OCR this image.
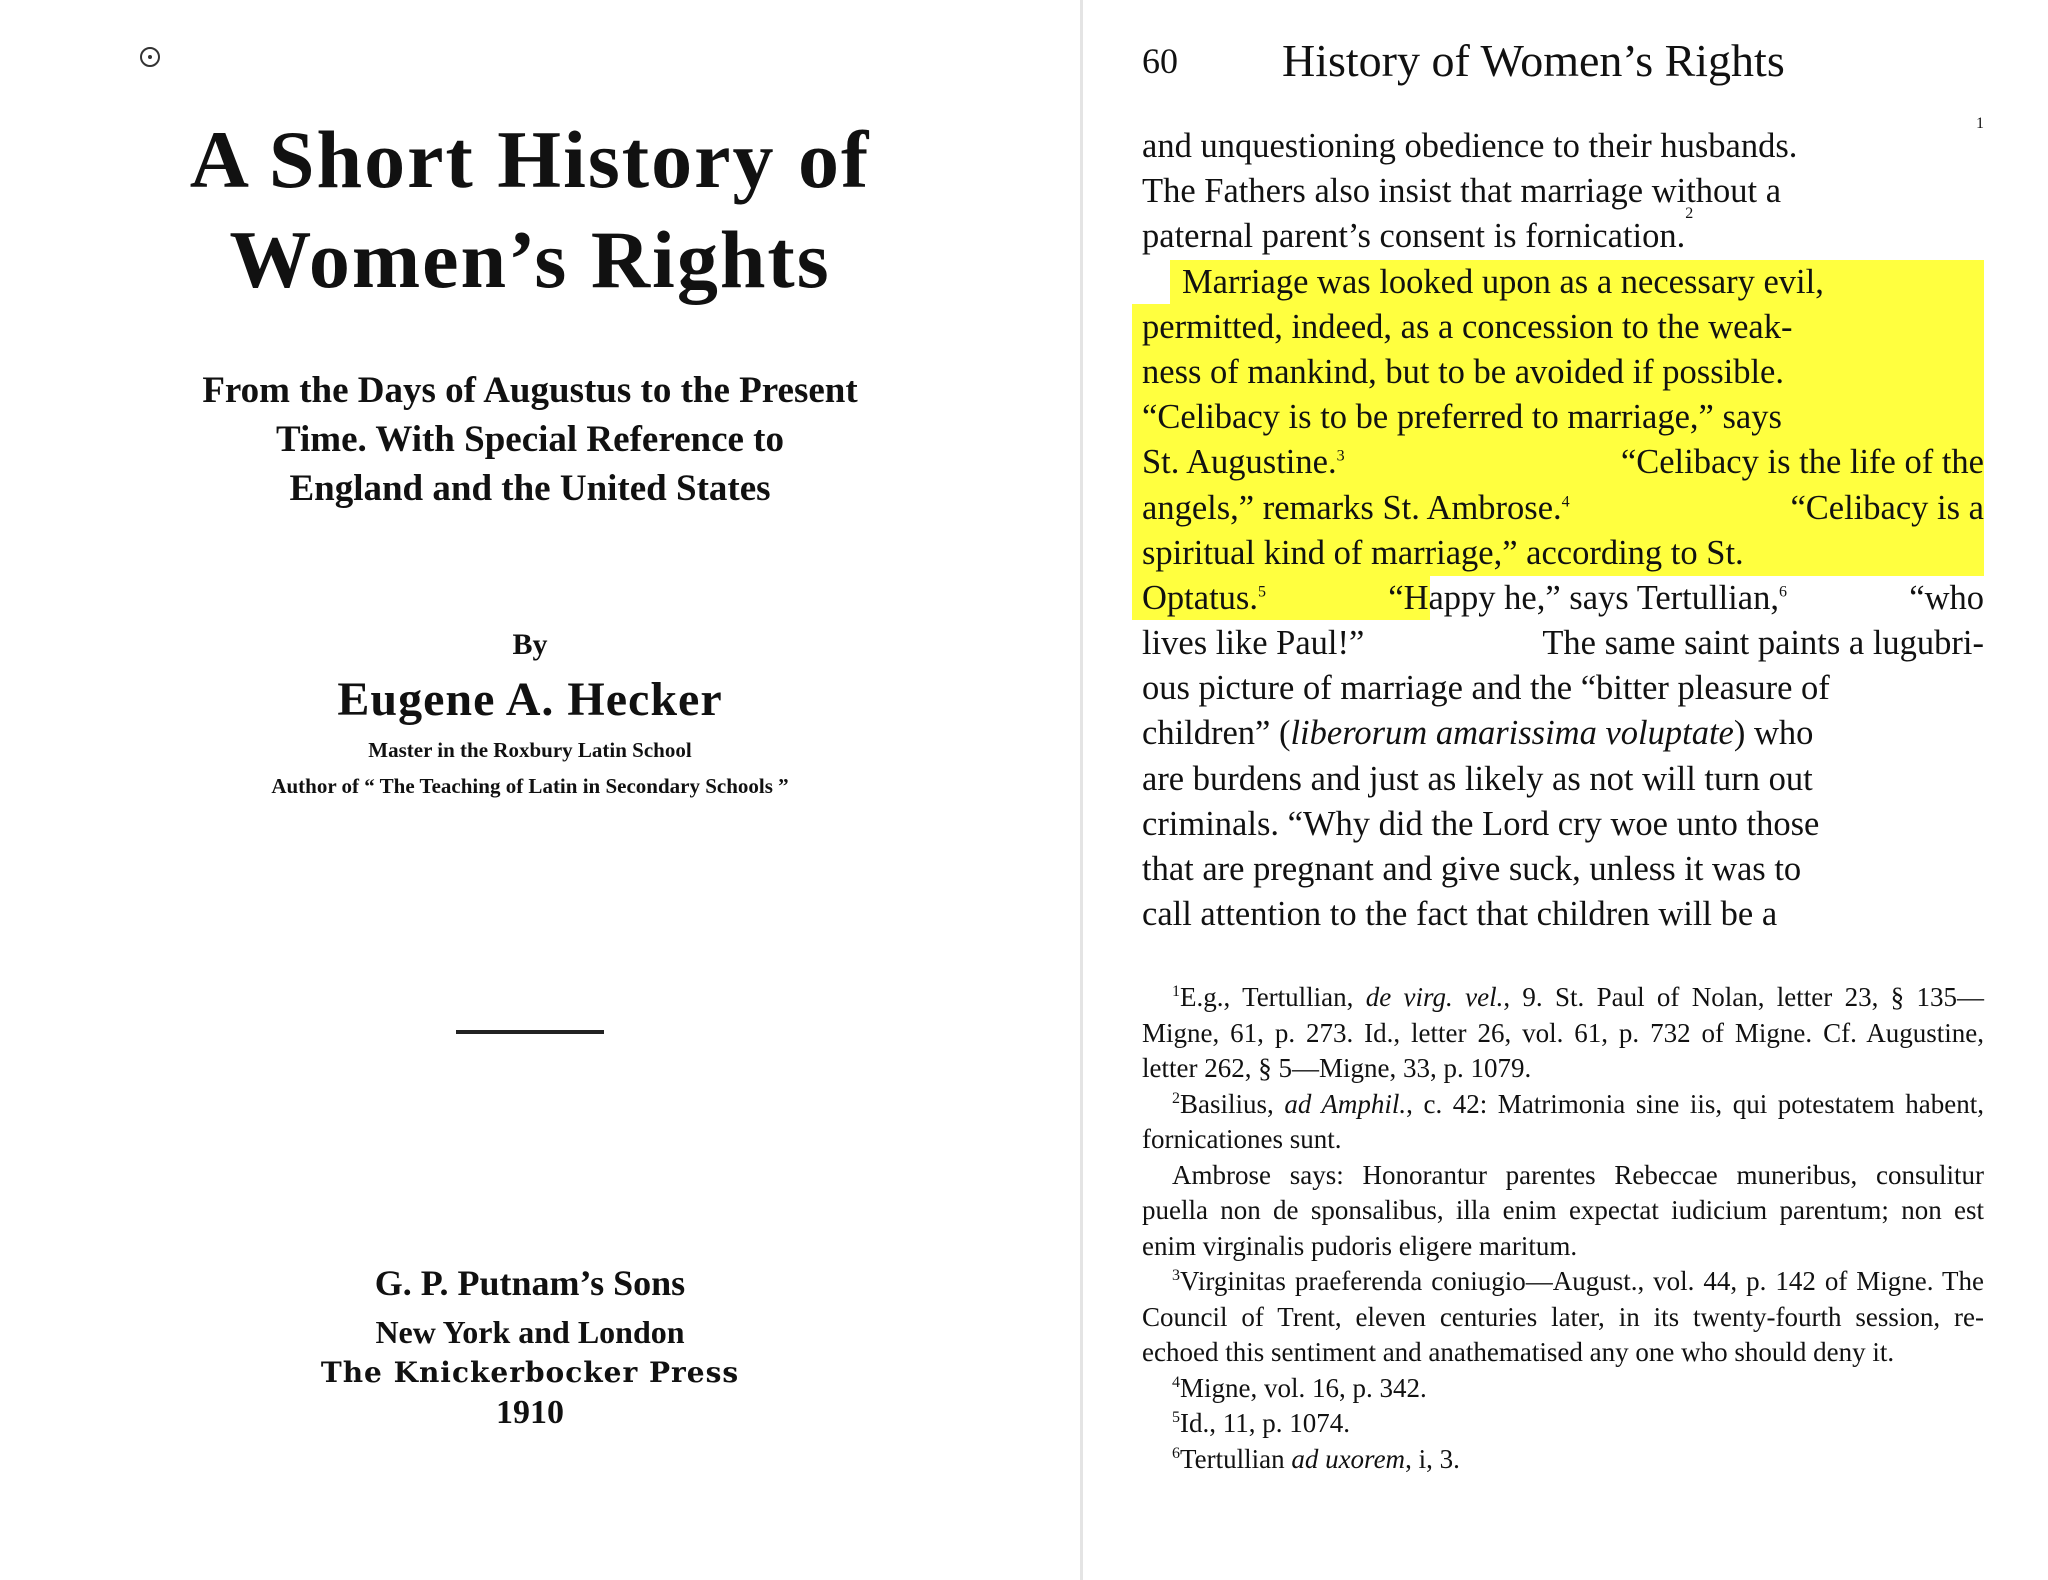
A Short History of
Women’s Rights
From the Days of Augustus to the Present
Time. With Special Reference to
England and the United States
By
Eugene A. Hecker
Master in the Roxbury Latin School
Author of “ The Teaching of Latin in Secondary Schools ”
G. P. Putnam’s Sons
New York and London
The Knickerbocker Press
1910
60 History of Women’s Rights
and unquestioning obedience to their husbands.
1
The Fathers also insist that marriage without a
paternal parent’s consent is fornication.
2
Marriage was looked upon as a necessary evil,
permitted, indeed, as a concession to the weak-
ness of mankind, but to be avoided if possible.
“Celibacy is to be preferred to marriage,” says
St. Augustine.$^3$	“Celibacy is the life of the
angels,” remarks St. Ambrose.$^4$	“Celibacy is a
spiritual kind of marriage,” according to St.
Optatus.$^5$	“Happy he,” says Tertullian,$^6$	“who
lives like Paul!”	The same saint paints a lugubri-
ous picture of marriage and the “bitter pleasure of
children” (liberorum amarissima voluptate) who
are burdens and just as likely as not will turn out
criminals. “Why did the Lord cry woe unto those
that are pregnant and give suck, unless it was to
call attention to the fact that children will be a
$^1$E.g., Tertullian, de virg. vel., 9. St. Paul of Nolan, letter 23, § 135—Migne, 61, p. 273. Id., letter 26, vol. 61, p. 732 of Migne. Cf. Augustine, letter 262, § 5—Migne, 33, p. 1079.
$^2$Basilius, ad Amphil., c. 42: Matrimonia sine iis, qui potestatem habent, fornicationes sunt.
Ambrose says: Honorantur parentes Rebeccae muneribus, consulitur puella non de sponsalibus, illa enim expectat iudicium parentum; non est enim virginalis pudoris eligere maritum.
$^3$Virginitas praeferenda coniugio—August., vol. 44, p. 142 of Migne. The Council of Trent, eleven centuries later, in its twenty-fourth session, re-echoed this sentiment and anathematised any one who should deny it.
$^4$Migne, vol. 16, p. 342.
$^5$Id., 11, p. 1074.
$^6$Tertullian ad uxorem, i, 3.
